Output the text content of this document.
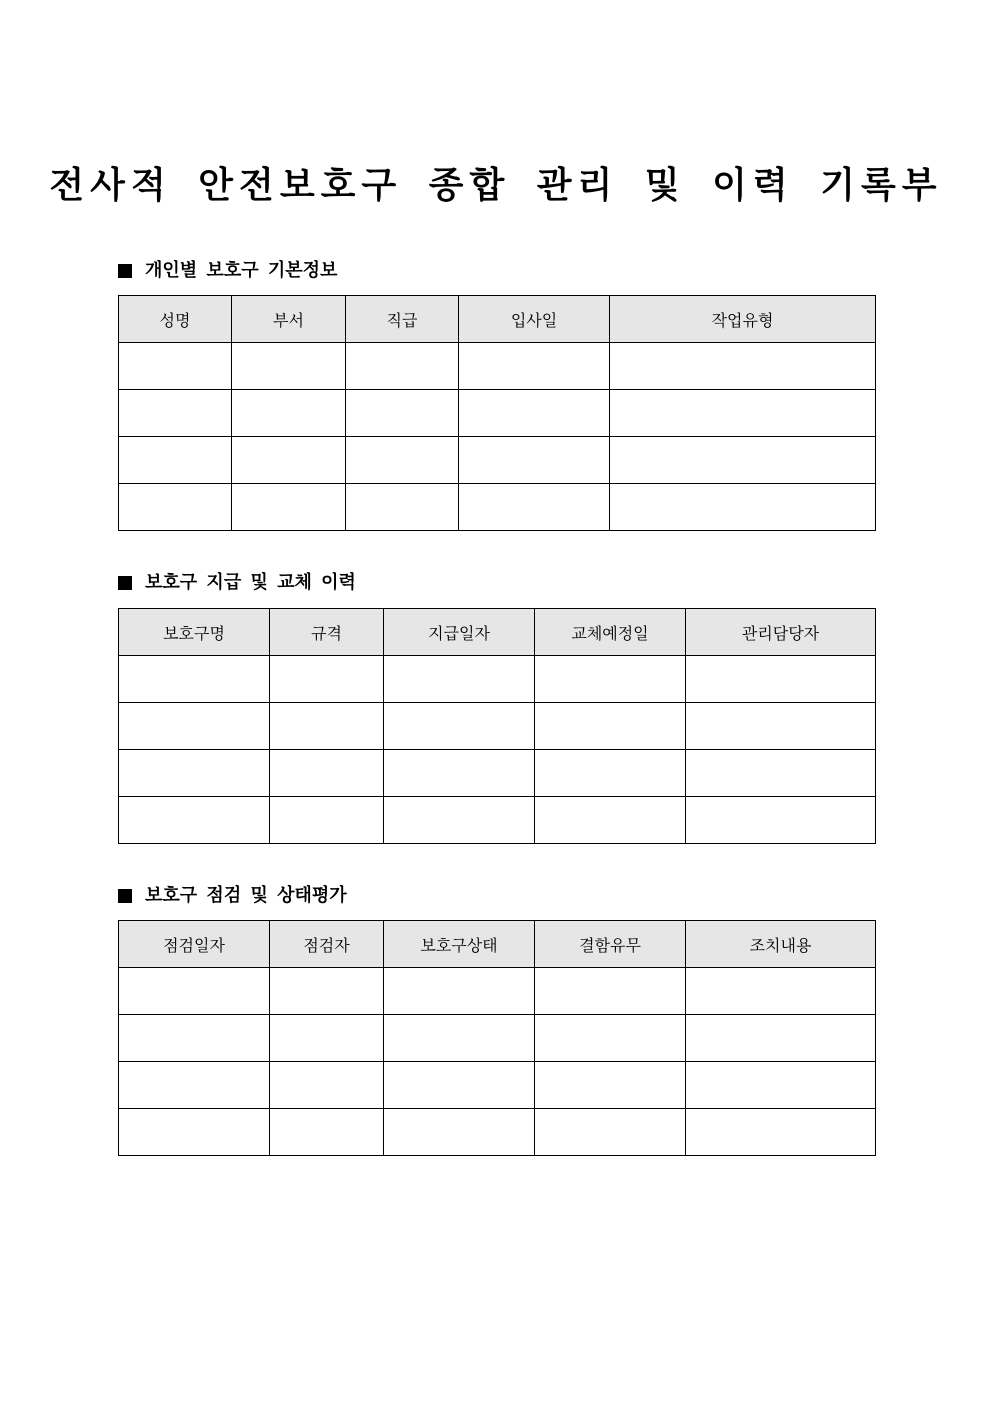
전사적 안전보호구 종합 관리 및 이력 기록부
개인별 보호구 기본정보
성명	부서	직급	입사일	작업유형

보호구 지급 및 교체 이력
보호구명	규격	지급일자	교체예정일	관리담당자

보호구 점검 및 상태평가
점검일자	점검자	보호구상태	결함유무	조치내용
